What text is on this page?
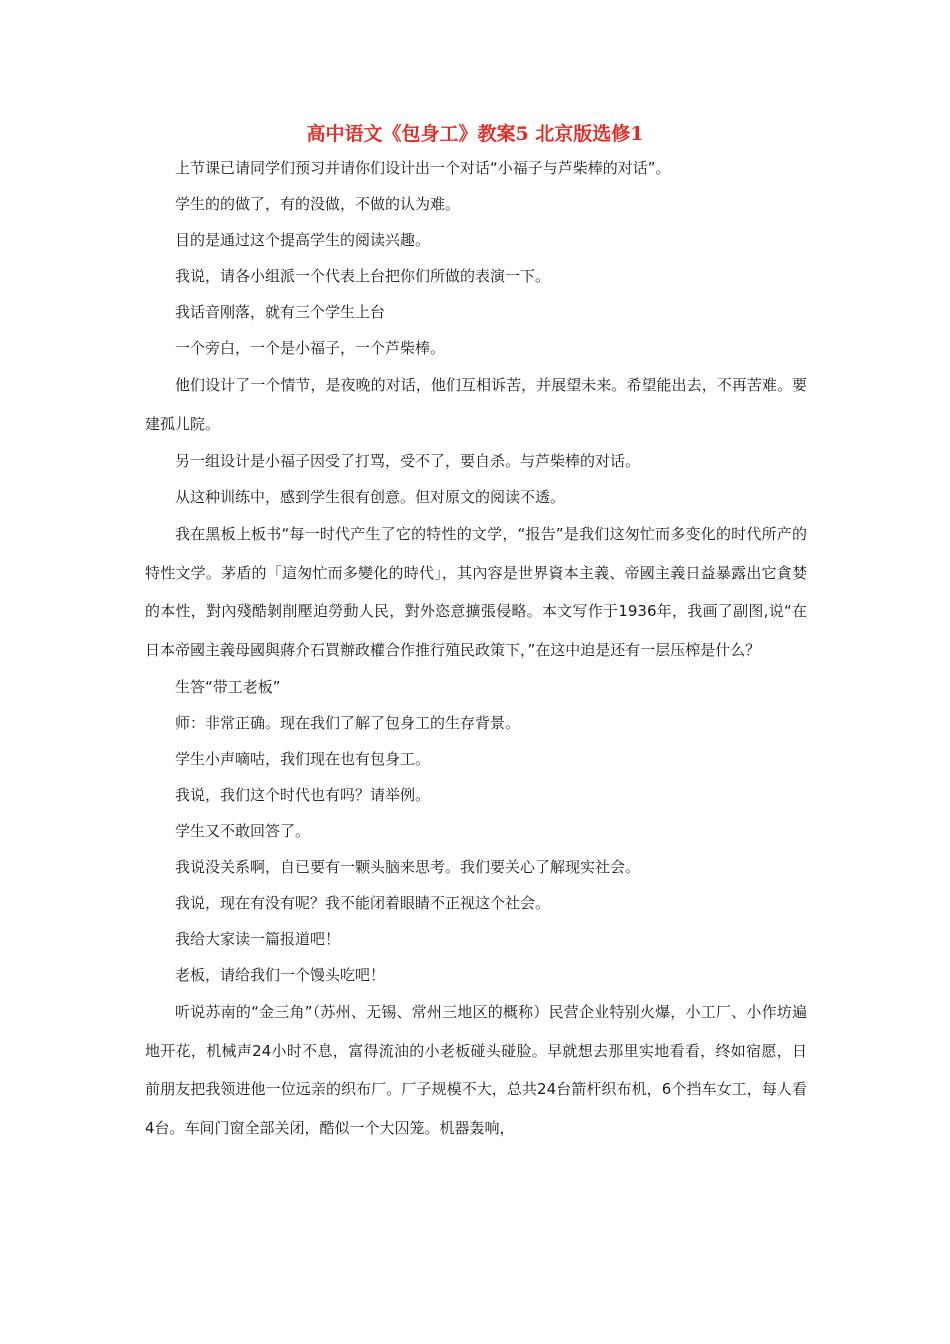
高中语文《包身工》教案5 北京版选修1

上节课已请同学们预习并请你们设计出一个对话“小福子与芦柴棒的对话”。

学生的的做了，有的没做，不做的认为难。

目的是通过这个提高学生的阅读兴趣。

我说，请各小组派一个代表上台把你们所做的表演一下。

我话音刚落，就有三个学生上台

一个旁白，一个是小福子，一个芦柴棒。

他们设计了一个情节，是夜晚的对话，他们互相诉苦，并展望未来。希望能出去，不再苦难。要建孤儿院。

另一组设计是小福子因受了打骂，受不了，要自杀。与芦柴棒的对话。

从这种训练中，感到学生很有创意。但对原文的阅读不透。

我在黑板上板书“每一时代产生了它的特性的文学，“报告”是我们这匆忙而多变化的时代所产的特性文学。茅盾的「這匆忙而多變化的時代」，其內容是世界資本主義、帝國主義日益暴露出它貪婪的本性，對內殘酷剝削壓迫勞動人民，對外恣意擴張侵略。本文写作于1936年，我画了副图,说“在日本帝國主義母國與蔣介石買辦政權合作推行殖民政策下，”在这中迫是还有一层压榨是什么？

生答“带工老板”

师：非常正确。现在我们了解了包身工的生存背景。

学生小声嘀咕，我们现在也有包身工。

我说，我们这个时代也有吗？请举例。

学生又不敢回答了。

我说没关系啊，自已要有一颗头脑来思考。我们要关心了解现实社会。

我说，现在有没有呢？我不能闭着眼睛不正视这个社会。

我给大家读一篇报道吧！

老板，请给我们一个馒头吃吧！

听说苏南的“金三角”（苏州、无锡、常州三地区的概称）民营企业特别火爆，小工厂、小作坊遍地开花，机械声24小时不息，富得流油的小老板碰头碰脸。早就想去那里实地看看，终如宿愿，日前朋友把我领进他一位远亲的织布厂。厂子规模不大，总共24台箭杆织布机，6个挡车女工，每人看4台。车间门窗全部关闭，酷似一个大囚笼。机器轰响，
